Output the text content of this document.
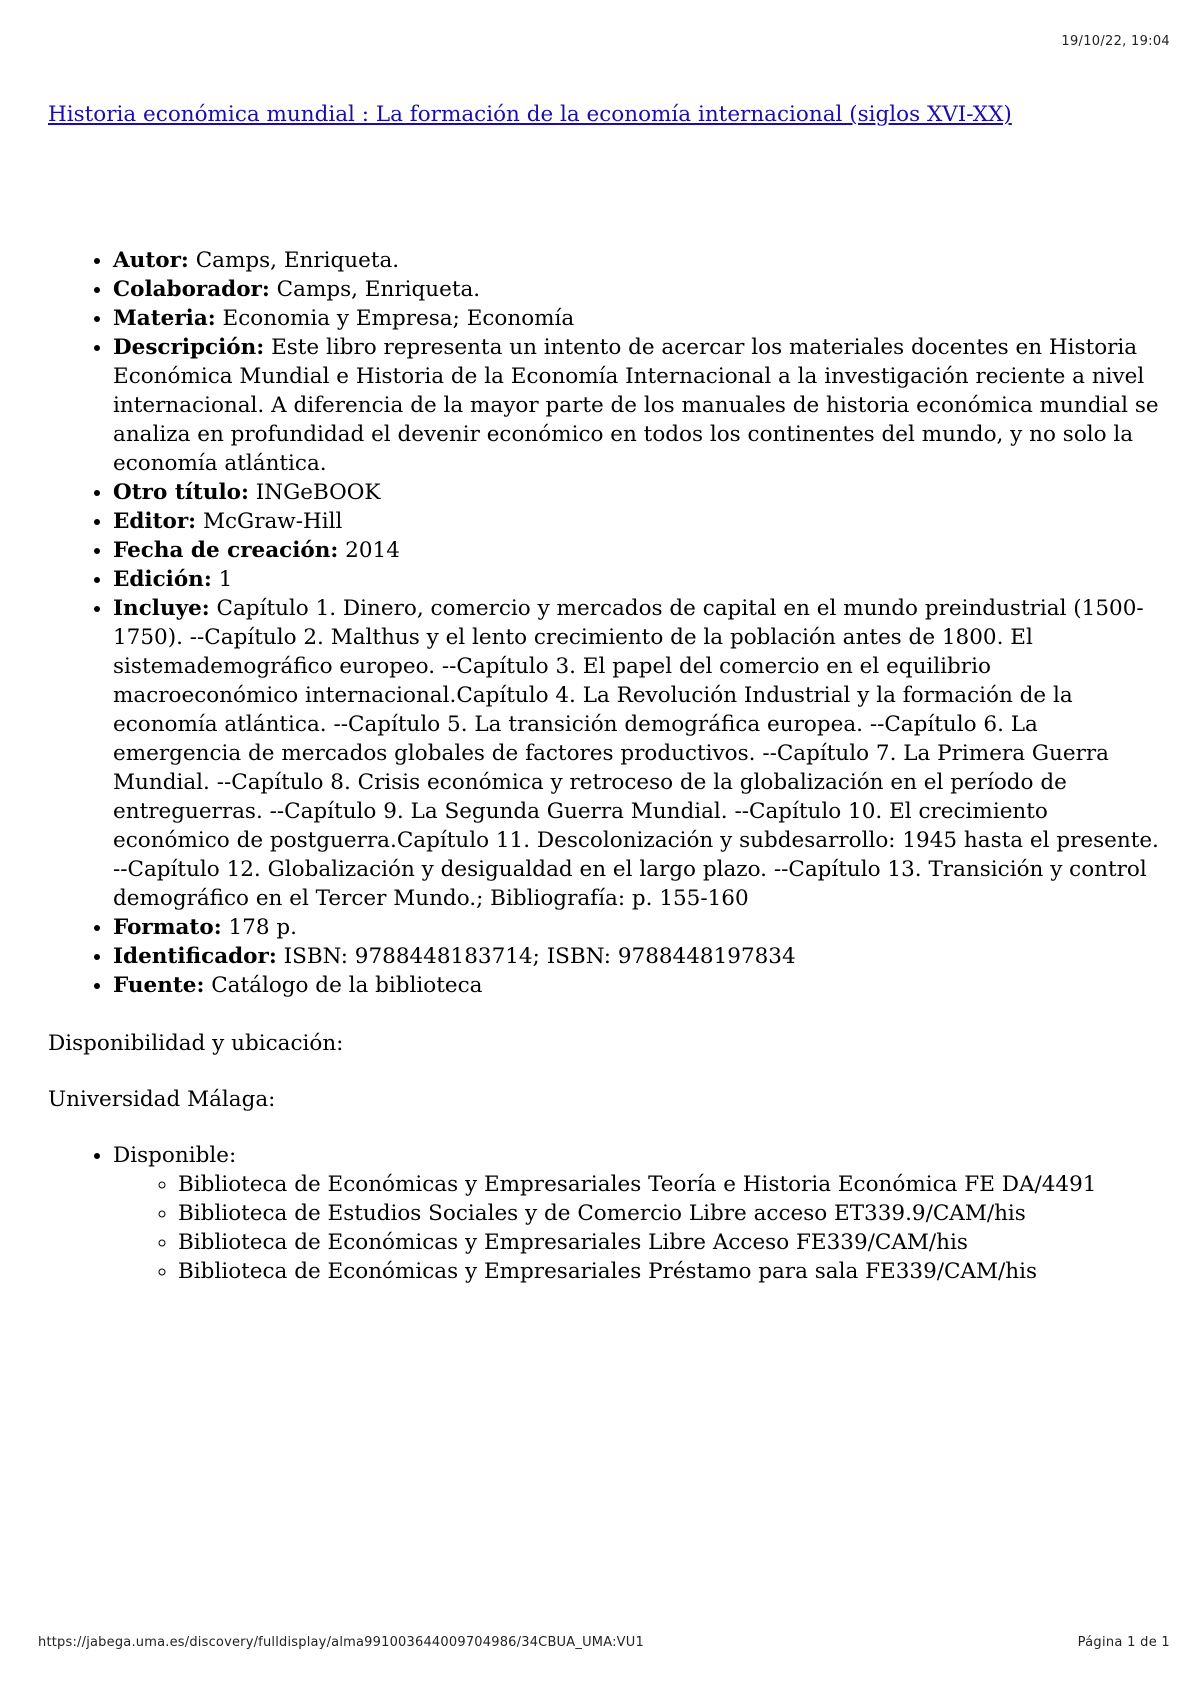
19/10/22, 19:04
Historia económica mundial : La formación de la economía internacional (siglos XVI-XX)
• Autor: Camps, Enriqueta.
• Colaborador: Camps, Enriqueta.
• Materia: Economia y Empresa; Economía
• Descripción: Este libro representa un intento de acercar los materiales docentes en Historia Económica Mundial e Historia de la Economía Internacional a la investigación reciente a nivel internacional. A diferencia de la mayor parte de los manuales de historia económica mundial se analiza en profundidad el devenir económico en todos los continentes del mundo, y no solo la economía atlántica.
• Otro título: INGeBOOK
• Editor: McGraw-Hill
• Fecha de creación: 2014
• Edición: 1
• Incluye: Capítulo 1. Dinero, comercio y mercados de capital en el mundo preindustrial (1500-1750). --Capítulo 2. Malthus y el lento crecimiento de la población antes de 1800. El sistemademográfico europeo. --Capítulo 3. El papel del comercio en el equilibrio macroeconómico internacional.Capítulo 4. La Revolución Industrial y la formación de la economía atlántica. --Capítulo 5. La transición demográfica europea. --Capítulo 6. La emergencia de mercados globales de factores productivos. --Capítulo 7. La Primera Guerra Mundial. --Capítulo 8. Crisis económica y retroceso de la globalización en el período de entreguerras. --Capítulo 9. La Segunda Guerra Mundial. --Capítulo 10. El crecimiento económico de postguerra.Capítulo 11. Descolonización y subdesarrollo: 1945 hasta el presente. --Capítulo 12. Globalización y desigualdad en el largo plazo. --Capítulo 13. Transición y control demográfico en el Tercer Mundo.; Bibliografía: p. 155-160
• Formato: 178 p.
• Identificador: ISBN: 9788448183714; ISBN: 9788448197834
• Fuente: Catálogo de la biblioteca

Disponibilidad y ubicación:

Universidad Málaga:

• Disponible:
◦ Biblioteca de Económicas y Empresariales Teoría e Historia Económica FE DA/4491
◦ Biblioteca de Estudios Sociales y de Comercio Libre acceso ET339.9/CAM/his
◦ Biblioteca de Económicas y Empresariales Libre Acceso FE339/CAM/his
◦ Biblioteca de Económicas y Empresariales Préstamo para sala FE339/CAM/his
https://jabega.uma.es/discovery/fulldisplay/alma991003644009704986/34CBUA_UMA:VU1	Página 1 de 1
